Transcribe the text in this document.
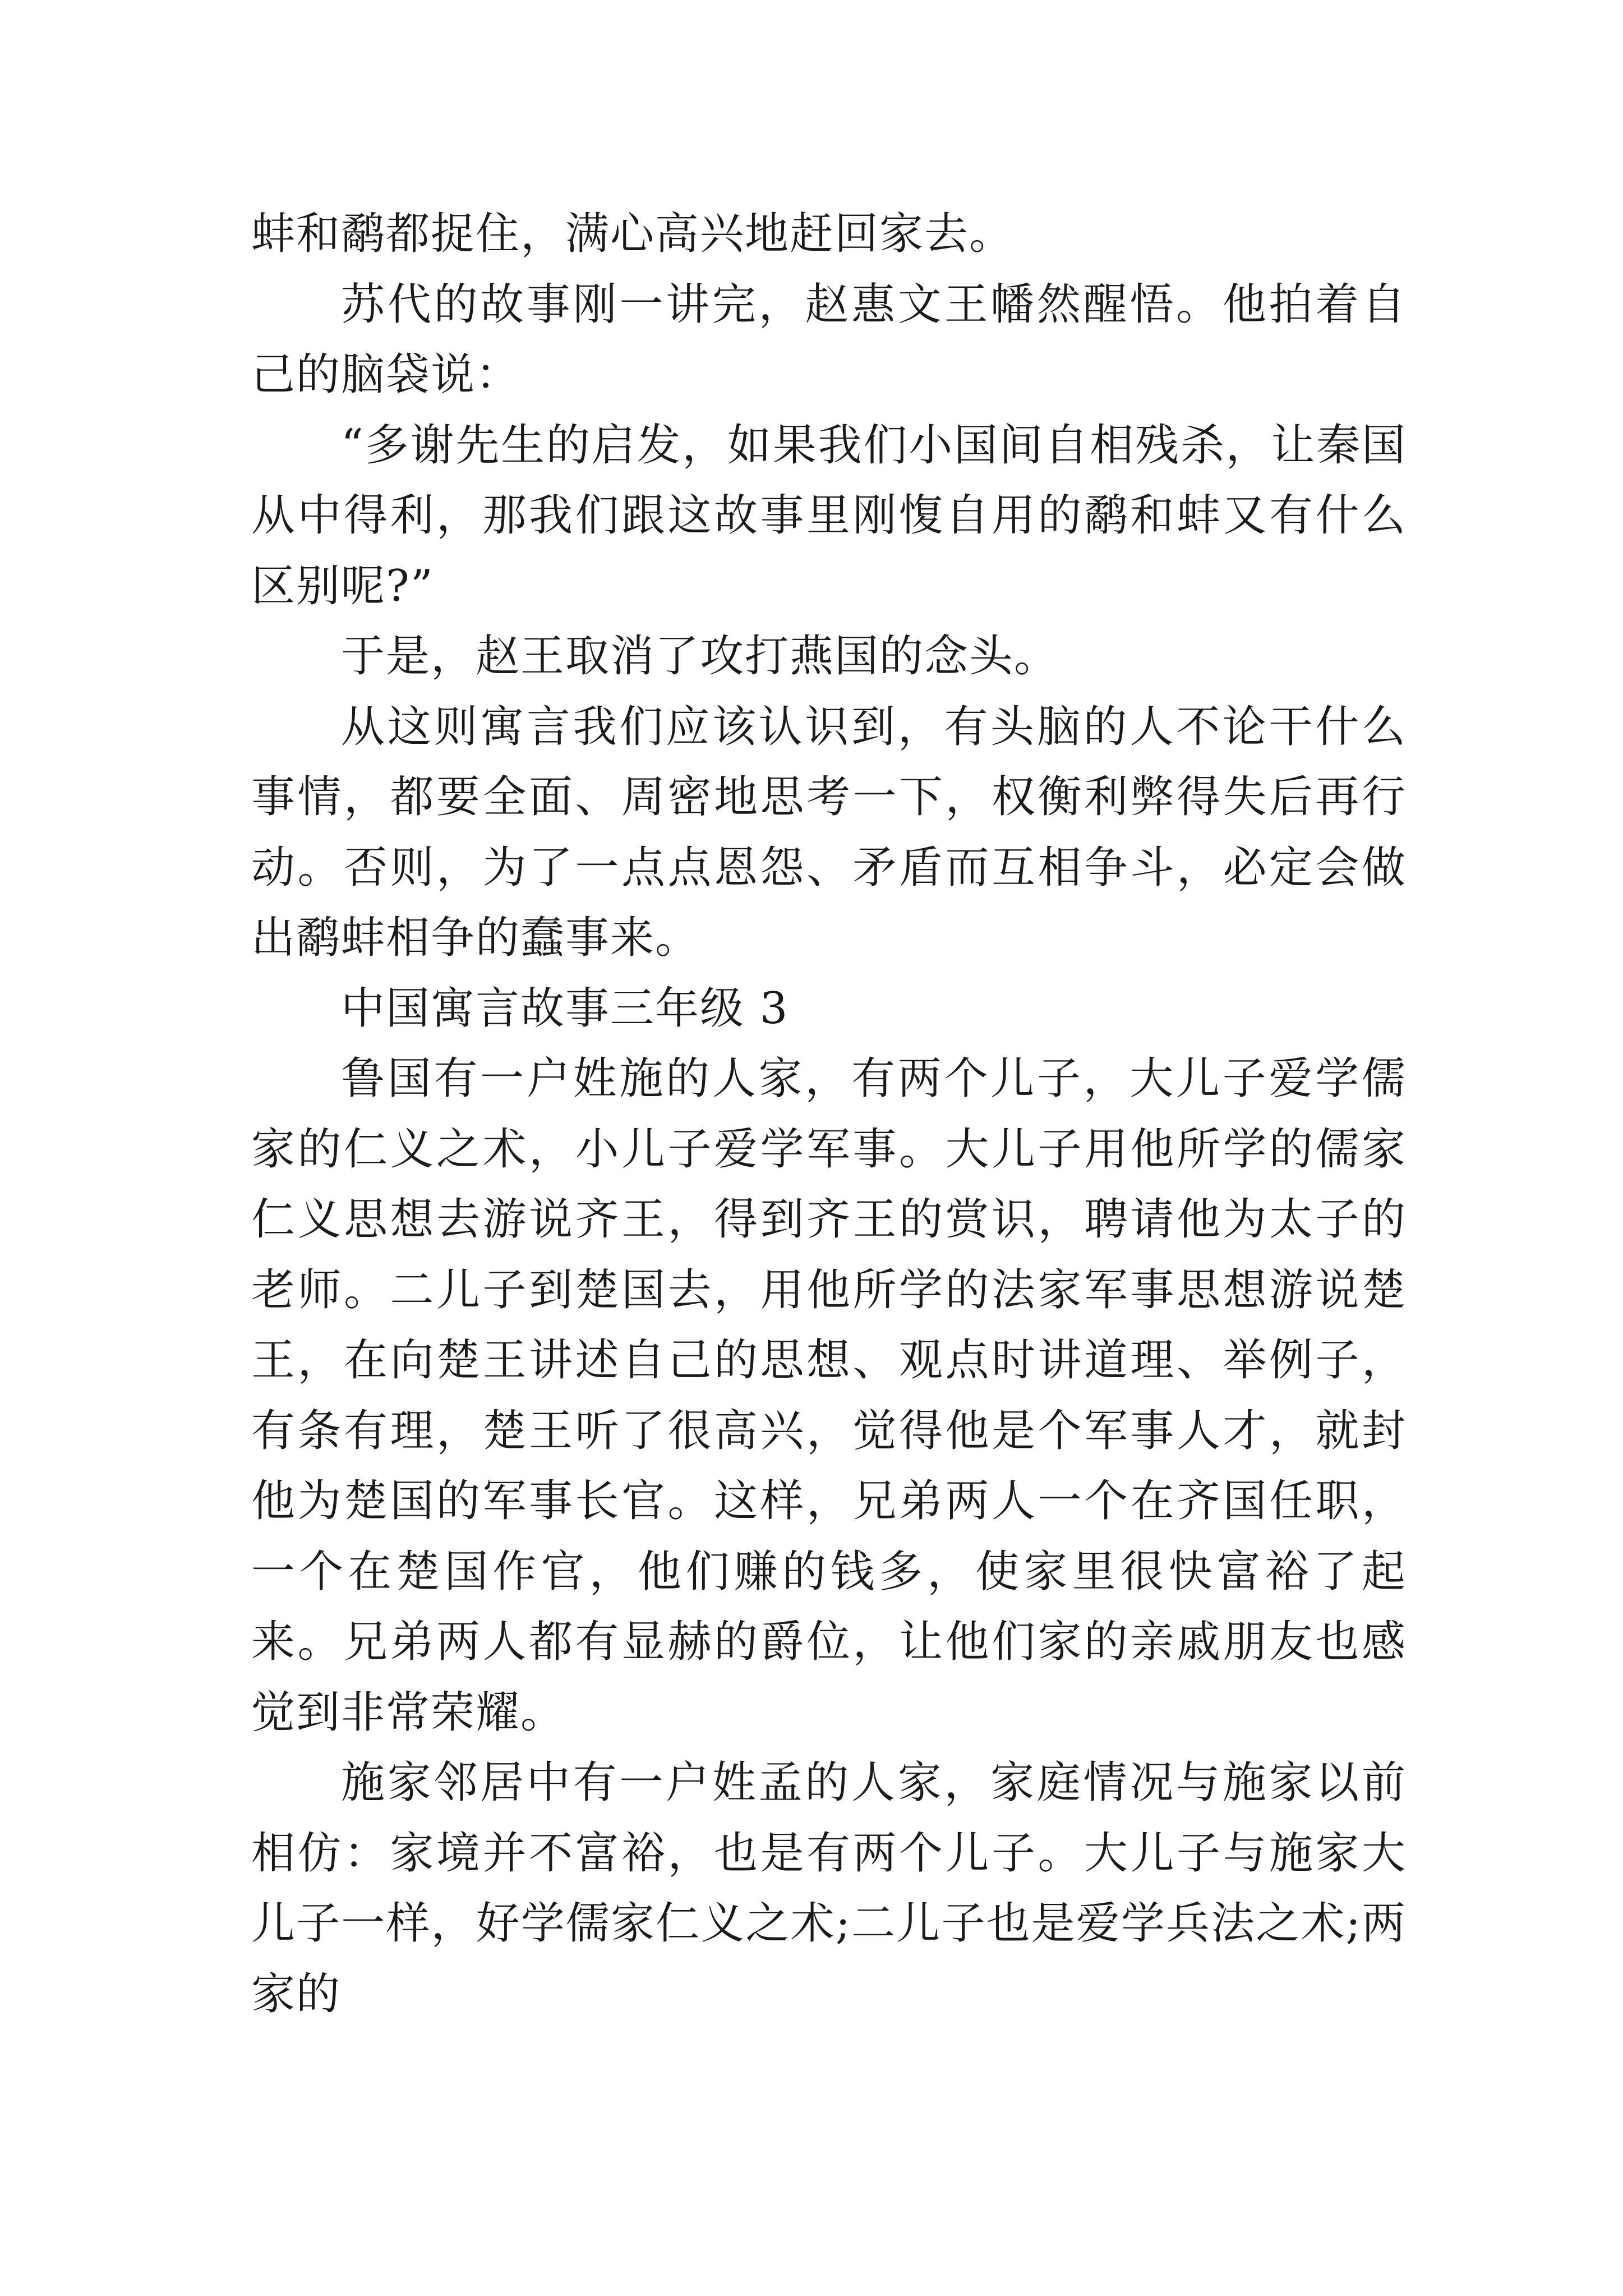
蚌和鹬都捉住，满心高兴地赶回家去。

苏代的故事刚一讲完，赵惠文王幡然醒悟。他拍着自己的脑袋说：

“多谢先生的启发，如果我们小国间自相残杀，让秦国从中得利，那我们跟这故事里刚愎自用的鹬和蚌又有什么区别呢?”

于是，赵王取消了攻打燕国的念头。

从这则寓言我们应该认识到，有头脑的人不论干什么事情，都要全面、周密地思考一下，权衡利弊得失后再行动。否则，为了一点点恩怨、矛盾而互相争斗，必定会做出鹬蚌相争的蠢事来。

中国寓言故事三年级 3

鲁国有一户姓施的人家，有两个儿子，大儿子爱学儒家的仁义之术，小儿子爱学军事。大儿子用他所学的儒家仁义思想去游说齐王，得到齐王的赏识，聘请他为太子的老师。二儿子到楚国去，用他所学的法家军事思想游说楚王，在向楚王讲述自己的思想、观点时讲道理、举例子，有条有理，楚王听了很高兴，觉得他是个军事人才，就封他为楚国的军事长官。这样，兄弟两人一个在齐国任职，一个在楚国作官，他们赚的钱多，使家里很快富裕了起来。兄弟两人都有显赫的爵位，让他们家的亲戚朋友也感觉到非常荣耀。

施家邻居中有一户姓孟的人家，家庭情况与施家以前相仿：家境并不富裕，也是有两个儿子。大儿子与施家大儿子一样，好学儒家仁义之术;二儿子也是爱学兵法之术;两家的
